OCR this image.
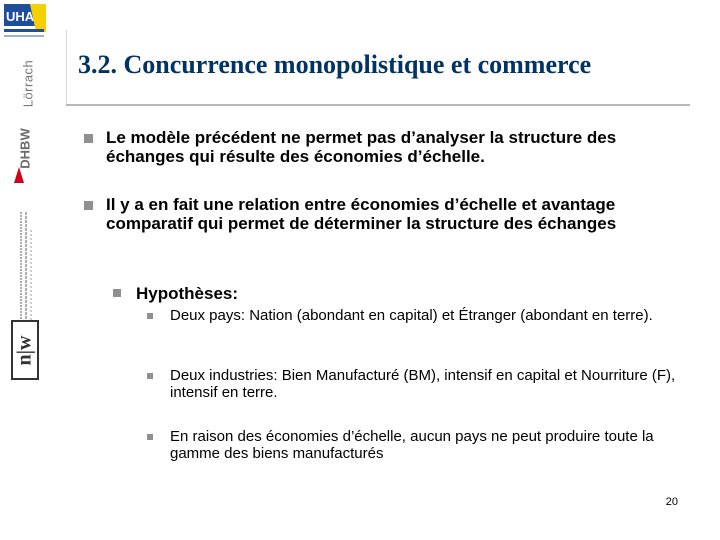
UHA
Lörrach
DHBW
n|w
3.2. Concurrence monopolistique et commerce
Le modèle précédent ne permet pas d’analyser la structure des échanges qui résulte des économies d’échelle.
Il y a en fait une relation entre économies d’échelle et avantage comparatif qui permet de déterminer la structure des échanges
Hypothèses:
Deux pays: Nation (abondant en capital) et Étranger (abondant en terre).
Deux industries: Bien Manufacturé (BM), intensif en capital et Nourriture (F), intensif en terre.
En raison des économies d’échelle, aucun pays ne peut produire toute la gamme des biens manufacturés
20
